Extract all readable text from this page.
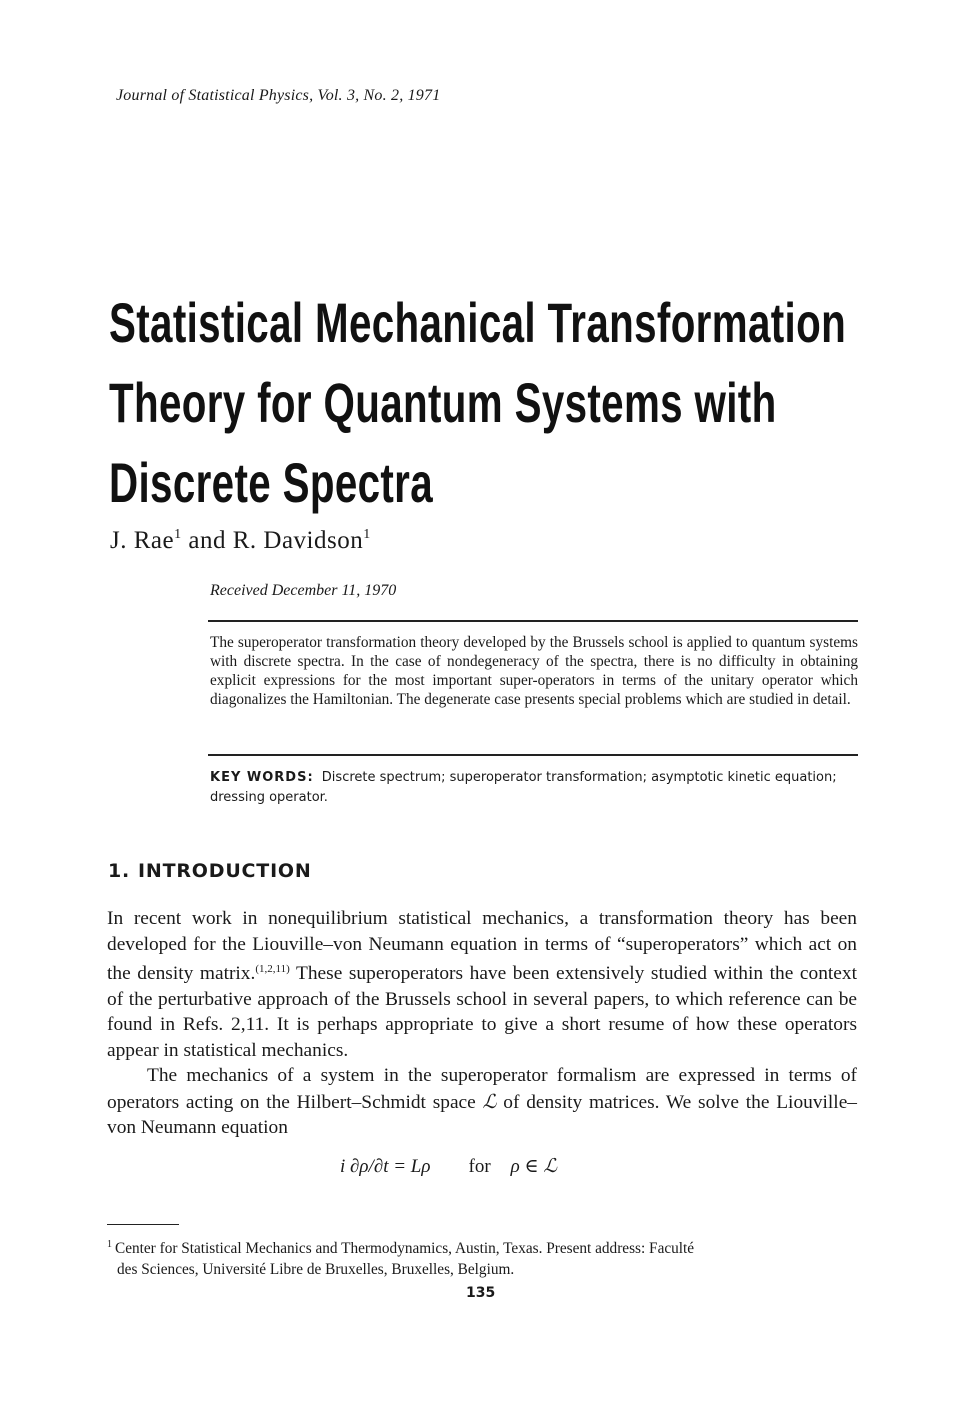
Journal of Statistical Physics, Vol. 3, No. 2, 1971
Statistical Mechanical Transformation
Theory for Quantum Systems with
Discrete Spectra
J. Rae$^1$ and R. Davidson$^1$
Received December 11, 1970
The superoperator transformation theory developed by the Brussels school is applied to quantum systems with discrete spectra. In the case of nondegeneracy of the spectra, there is no difficulty in obtaining explicit expressions for the most important super-operators in terms of the unitary operator which diagonalizes the Hamiltonian. The degenerate case presents special problems which are studied in detail.
KEY WORDS: Discrete spectrum; superoperator transformation; asymptotic kinetic equation; dressing operator.
1. INTRODUCTION

In recent work in nonequilibrium statistical mechanics, a transformation theory has been developed for the Liouville–von Neumann equation in terms of “superoperators” which act on the density matrix.$^{(1,2,11)}$ These superoperators have been extensively studied within the context of the perturbative approach of the Brussels school in several papers, to which reference can be found in Refs. 2,11. It is perhaps appropriate to give a short resume of how these operators appear in statistical mechanics.

The mechanics of a system in the superoperator formalism are expressed in terms of operators acting on the Hilbert–Schmidt space ℒ of density matrices. We solve the Liouville–von Neumann equation

i ∂ρ/∂t = Lρ for ρ ∈ ℒ
$^1$ Center for Statistical Mechanics and Thermodynamics, Austin, Texas. Present address: Faculté
des Sciences, Université Libre de Bruxelles, Bruxelles, Belgium.
135
